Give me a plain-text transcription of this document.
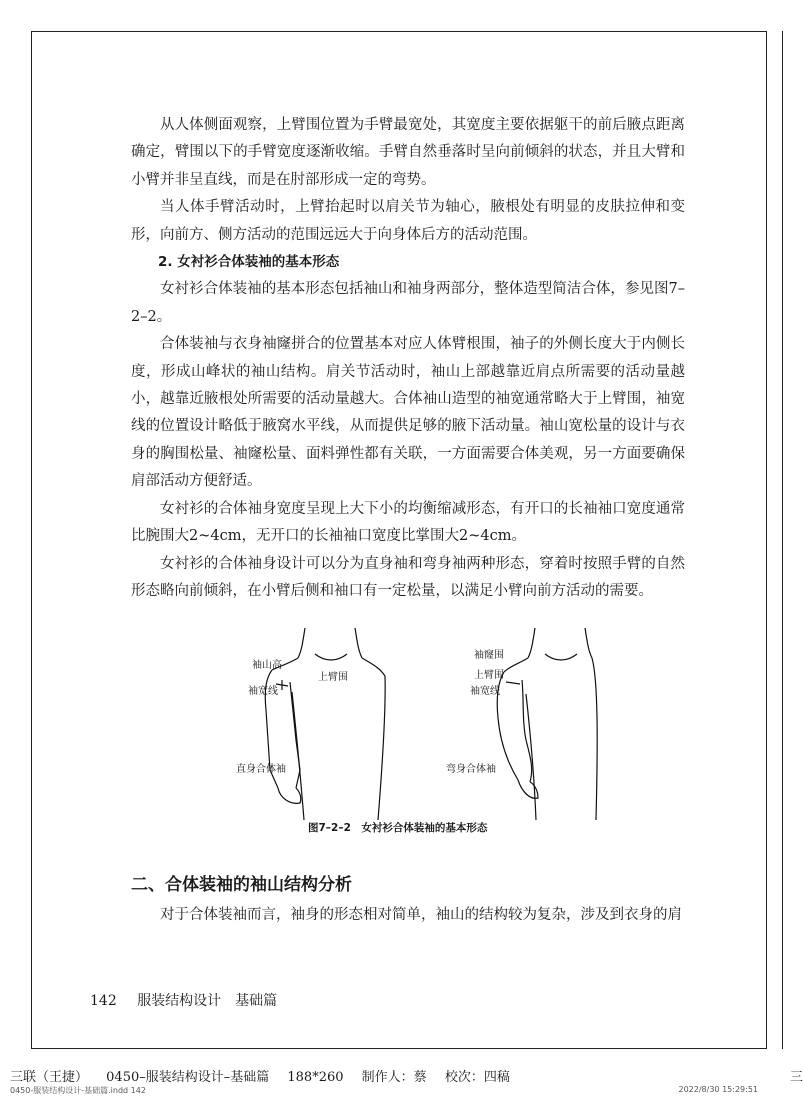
从人体侧面观察，上臂围位置为手臂最宽处，其宽度主要依据躯干的前后腋点距离确定，臂围以下的手臂宽度逐渐收缩。手臂自然垂落时呈向前倾斜的状态，并且大臂和小臂并非呈直线，而是在肘部形成一定的弯势。

当人体手臂活动时，上臂抬起时以肩关节为轴心，腋根处有明显的皮肤拉伸和变形，向前方、侧方活动的范围远远大于向身体后方的活动范围。

2. 女衬衫合体装袖的基本形态

女衬衫合体装袖的基本形态包括袖山和袖身两部分，整体造型简洁合体，参见图7–2–2。

合体装袖与衣身袖窿拼合的位置基本对应人体臂根围，袖子的外侧长度大于内侧长度，形成山峰状的袖山结构。肩关节活动时，袖山上部越靠近肩点所需要的活动量越小，越靠近腋根处所需要的活动量越大。合体袖山造型的袖宽通常略大于上臂围，袖宽线的位置设计略低于腋窝水平线，从而提供足够的腋下活动量。袖山宽松量的设计与衣身的胸围松量、袖窿松量、面料弹性都有关联，一方面需要合体美观，另一方面要确保肩部活动方便舒适。

女衬衫的合体袖身宽度呈现上大下小的均衡缩减形态，有开口的长袖袖口宽度通常比腕围大2~4cm，无开口的长袖袖口宽度比掌围大2~4cm。

女衬衫的合体袖身设计可以分为直身袖和弯身袖两种形态，穿着时按照手臂的自然形态略向前倾斜，在小臂后侧和袖口有一定松量，以满足小臂向前方活动的需要。

袖山高
上臂围
袖宽线
直身合体袖
袖窿围
上臂围
袖宽线
弯身合体袖
图7–2–2　女衬衫合体装袖的基本形态
二、合体装袖的袖山结构分析

对于合体装袖而言，袖身的形态相对简单，袖山的结构较为复杂，涉及到衣身的肩

142 服装结构设计　基础篇
三联（王捷） 0450–服装结构设计–基础篇 188*260 制作人：蔡 校次：四稿	三
0450-服装结构设计-基础篇.indd 142	2022/8/30 15:29:51
